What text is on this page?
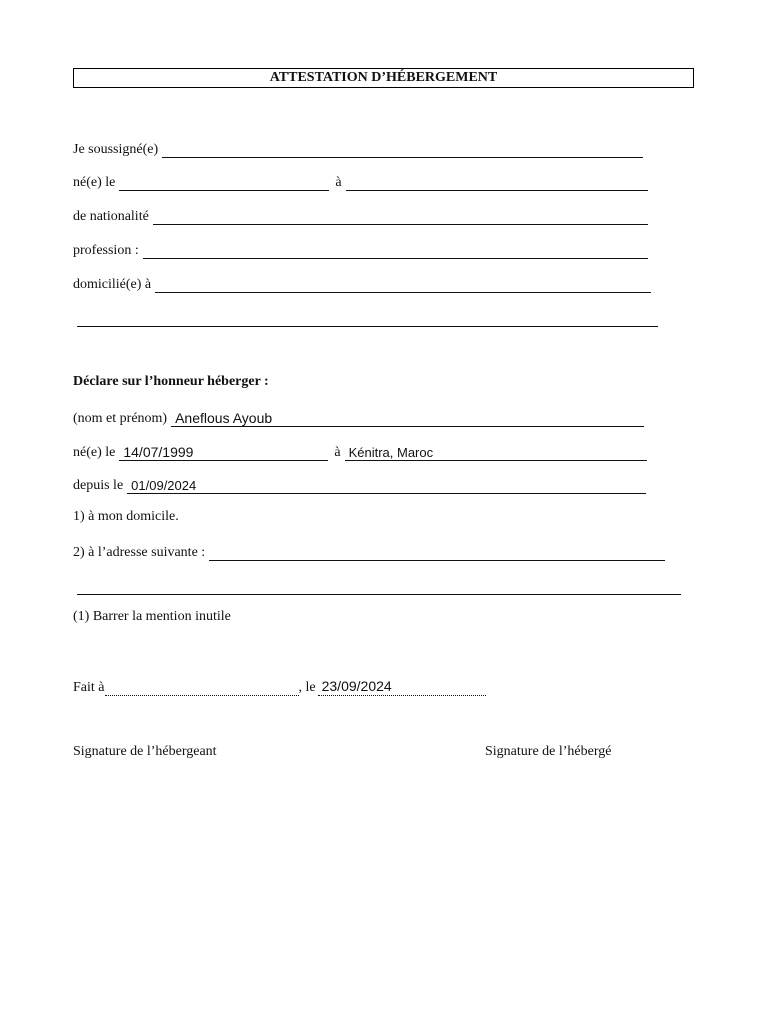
ATTESTATION D’HÉBERGEMENT
Je soussigné(e)
né(e) le	à
de nationalité
profession :
domicilié(e) à
Déclare sur l’honneur héberger :
(nom et prénom) Aneflous Ayoub
né(e) le 14/07/1999	à Kénitra, Maroc
depuis le 01/09/2024
1) à mon domicile.
2) à l’adresse suivante :
(1) Barrer la mention inutile
Fait à	, le 23/09/2024
Signature de l’hébergeant	Signature de l’hébergé
